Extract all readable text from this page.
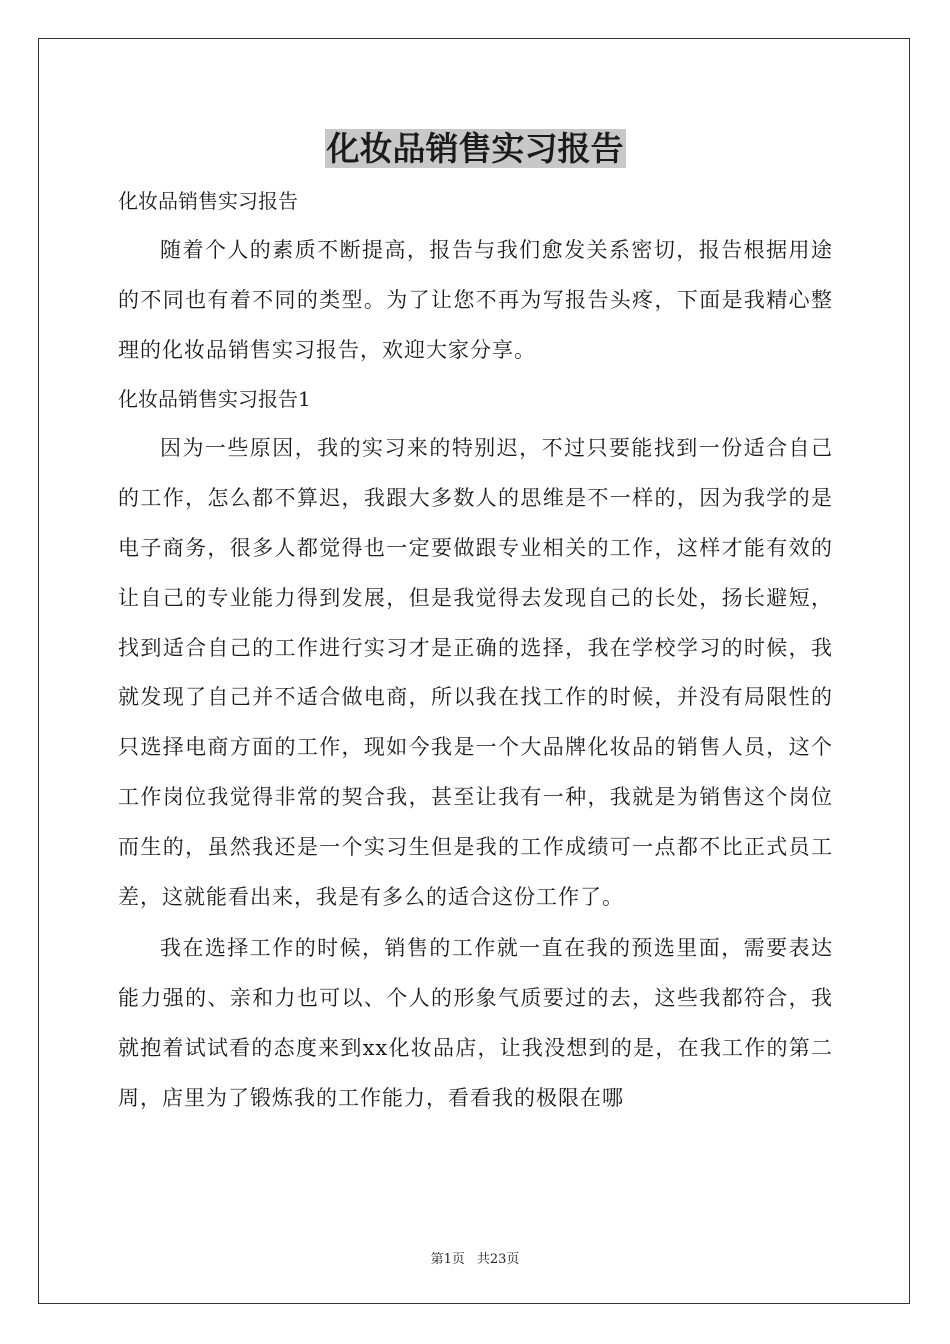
化妆品销售实习报告

化妆品销售实习报告

随着个人的素质不断提高，报告与我们愈发关系密切，报告根据用途的不同也有着不同的类型。为了让您不再为写报告头疼，下面是我精心整理的化妆品销售实习报告，欢迎大家分享。

化妆品销售实习报告1

因为一些原因，我的实习来的特别迟，不过只要能找到一份适合自己的工作，怎么都不算迟，我跟大多数人的思维是不一样的，因为我学的是电子商务，很多人都觉得也一定要做跟专业相关的工作，这样才能有效的让自己的专业能力得到发展，但是我觉得去发现自己的长处，扬长避短，找到适合自己的工作进行实习才是正确的选择，我在学校学习的时候，我就发现了自己并不适合做电商，所以我在找工作的时候，并没有局限性的只选择电商方面的工作，现如今我是一个大品牌化妆品的销售人员，这个工作岗位我觉得非常的契合我，甚至让我有一种，我就是为销售这个岗位而生的，虽然我还是一个实习生但是我的工作成绩可一点都不比正式员工差，这就能看出来，我是有多么的适合这份工作了。

我在选择工作的时候，销售的工作就一直在我的预选里面，需要表达能力强的、亲和力也可以、个人的形象气质要过的去，这些我都符合，我就抱着试试看的态度来到xx化妆品店，让我没想到的是，在我工作的第二周，店里为了锻炼我的工作能力，看看我的极限在哪

第1页 共23页
